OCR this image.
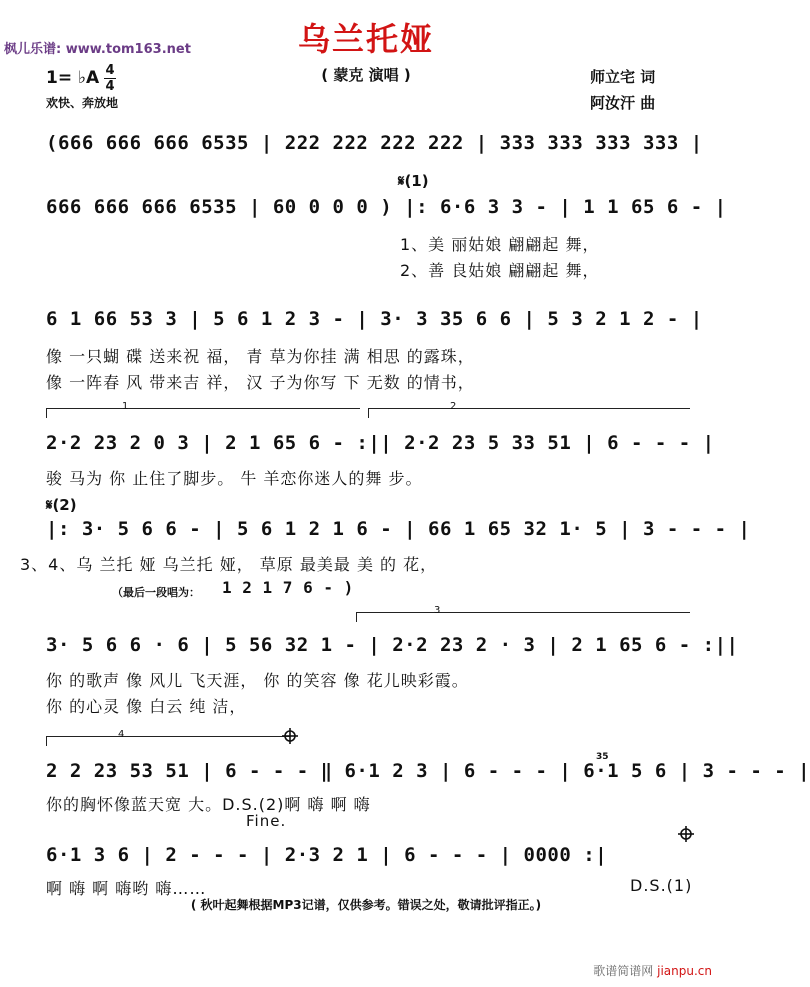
枫儿乐谱: www.tom163.net	乌兰托娅
( 蒙克 演唱 )
1= ♭A 4
4
欢快、奔放地
师立宅 词
阿汝汗 曲
(666 666 666 6535 | 222 222 222 222 | 333 333 333 333 |
𝄋(1)
666 666 666 6535 | 60 0 0 0 ) |: 6·6 3 3 - | 1 1 65 6 - |
1、美 丽姑娘 翩翩起 舞，
2、善 良姑娘 翩翩起 舞，
6 1 66 53 3 | 5 6 1 2 3 - | 3· 3 35 6 6 | 5 3 2 1 2 - |
像 一只蝴 碟 送来祝 福， 青 草为你挂 满 相思 的露珠，
像 一阵春 风 带来吉 祥， 汉 子为你写 下 无数 的情书，
1	2
2·2 23 2 0 3 | 2 1 65 6 - :|| 2·2 23 5 33 51 | 6 - - - |
骏 马为 你 止住了脚步。 牛 羊恋你迷人的舞 步。
𝄋(2)
|: 3· 5 6 6 - | 5 6 1 2 1 6 - | 66 1 65 32 1· 5 | 3 - - - |
3、4、乌 兰托 娅 乌兰托 娅， 草原 最美最 美 的 花，
（最后一段唱为： 1 2 1 7 6 - )
3
3· 5 6 6 · 6 | 5 56 32 1 - | 2·2 23 2 · 3 | 2 1 65 6 - :||
你 的歌声 像 风儿 飞天涯， 你 的笑容 像 花儿映彩霞。
你 的心灵 像 白云 纯 洁，
4
35
2 2 23 53 51 | 6 - - - ‖ 6·1 2 3 | 6 - - - | 6·1 5 6 | 3 - - - |
你的胸怀像蓝天宽 大。D.S.(2)啊 嗨 啊 嗨
Fine.
6·1 3 6 | 2 - - - | 2·3 2 1 | 6 - - - | 0000 :|
啊 嗨 啊 嗨哟 嗨……	D.S.(1)
( 秋叶起舞根据MP3记谱，仅供参考。错误之处，敬请批评指正。)
歌谱简谱网 jianpu.cn
